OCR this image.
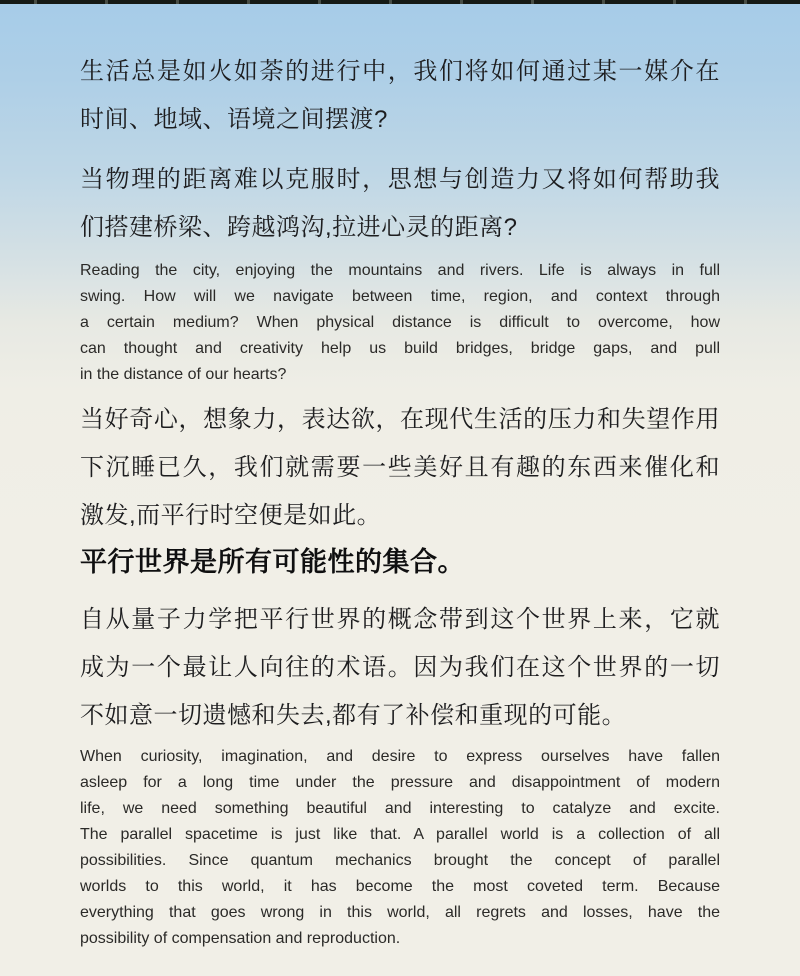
生活总是如火如荼的进行中，我们将如何通过某一媒介在
时间、地域、语境之间摆渡?

当物理的距离难以克服时，思想与创造力又将如何帮助我
们搭建桥梁、跨越鸿沟,拉进心灵的距离?

Reading the city, enjoying the mountains and rivers. Life is always in full
swing. How will we navigate between time, region, and context through
a certain medium? When physical distance is difficult to overcome, how
can thought and creativity help us build bridges, bridge gaps, and pull
in the distance of our hearts?

当好奇心，想象力，表达欲，在现代生活的压力和失望作用
下沉睡已久，我们就需要一些美好且有趣的东西来催化和
激发,而平行时空便是如此。

平行世界是所有可能性的集合。

自从量子力学把平行世界的概念带到这个世界上来，它就
成为一个最让人向往的术语。因为我们在这个世界的一切
不如意一切遗憾和失去,都有了补偿和重现的可能。

When curiosity, imagination, and desire to express ourselves have fallen
asleep for a long time under the pressure and disappointment of modern
life, we need something beautiful and interesting to catalyze and excite.
The parallel spacetime is just like that. A parallel world is a collection of all
possibilities. Since quantum mechanics brought the concept of parallel
worlds to this world, it has become the most coveted term. Because
everything that goes wrong in this world, all regrets and losses, have the
possibility of compensation and reproduction.
